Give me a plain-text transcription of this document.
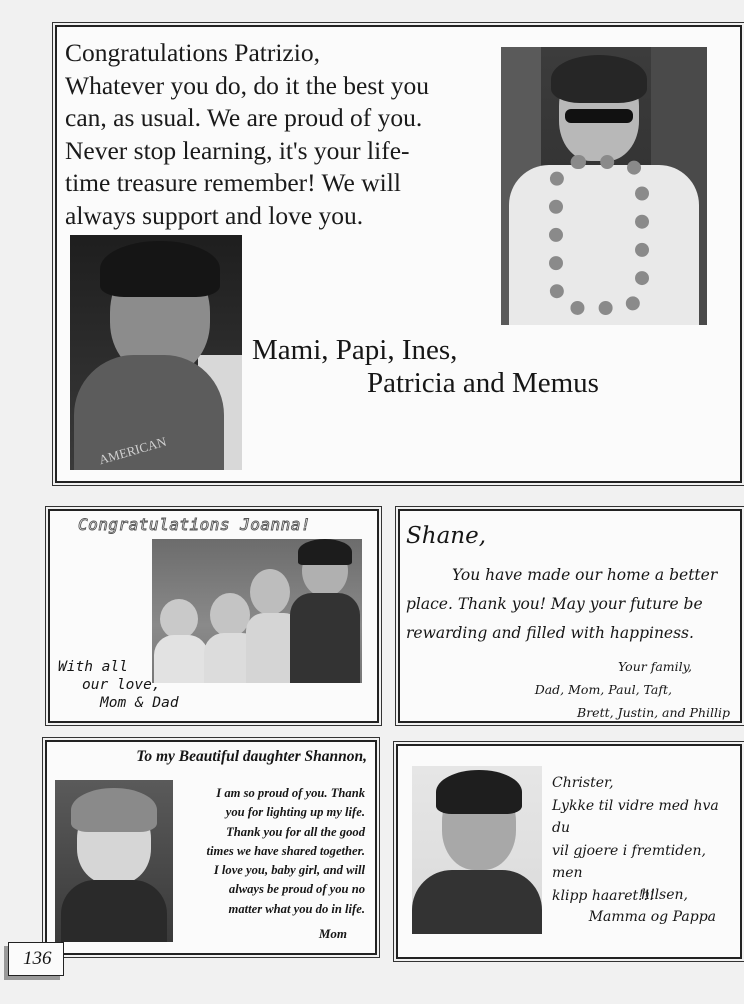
Congratulations Patrizio,
Whatever you do, do it the best you
can, as usual. We are proud of you.
Never stop learning, it's your life-
time treasure remember! We will
always support and love you.
AMERICAN
Mami, Papi, Ines,
Patricia and Memus
Congratulations Joanna!
With all
our love,
Mom & Dad
Shane,
You have made our home a better
place. Thank you! May your future be
rewarding and filled with happiness.
Your family,
Dad, Mom, Paul, Taft,
Brett, Justin, and Phillip
To my Beautiful daughter Shannon,
I am so proud of you. Thank
you for lighting up my life.
Thank you for all the good
times we have shared together.
I love you, baby girl, and will
always be proud of you no
matter what you do in life.
Mom
Christer,
Lykke til vidre med hva du
vil gjoere i fremtiden, men
klipp haaret!!!
hilsen,
Mamma og Pappa
136
